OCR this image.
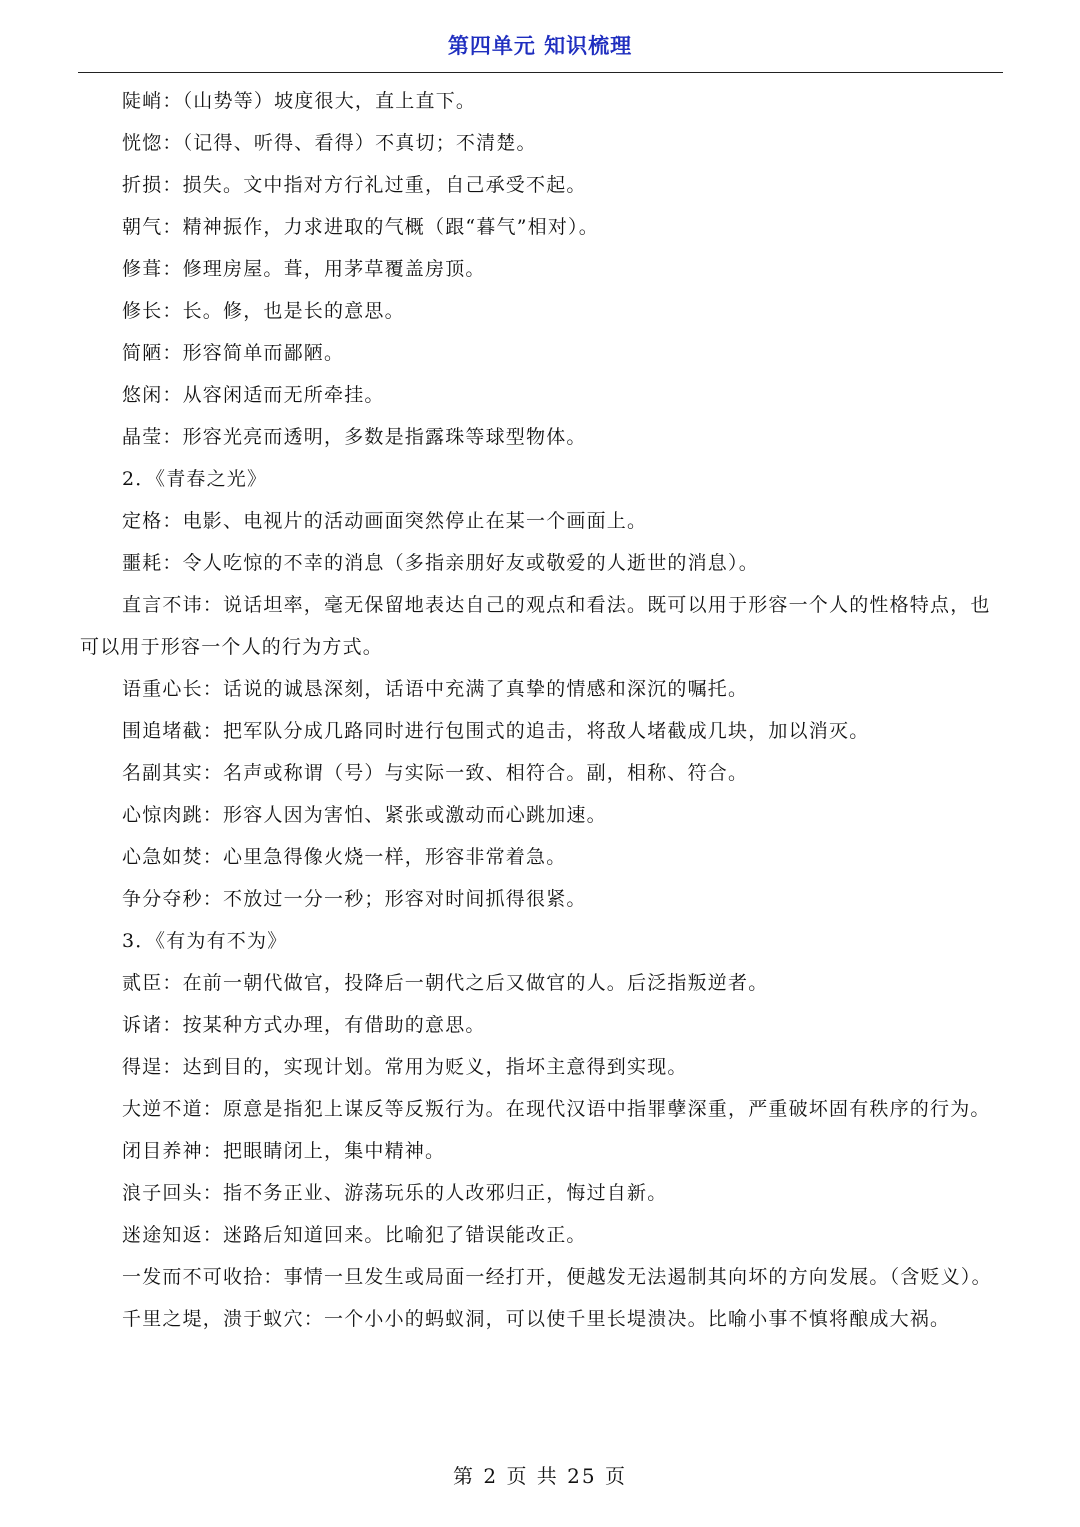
第四单元 知识梳理

陡峭：（山势等）坡度很大，直上直下。

恍惚：（记得、听得、看得）不真切；不清楚。

折损：损失。文中指对方行礼过重，自己承受不起。

朝气：精神振作，力求进取的气概（跟“暮气”相对）。

修葺：修理房屋。葺，用茅草覆盖房顶。

修长：长。修，也是长的意思。

简陋：形容简单而鄙陋。

悠闲：从容闲适而无所牵挂。

晶莹：形容光亮而透明，多数是指露珠等球型物体。

2．《青春之光》

定格：电影、电视片的活动画面突然停止在某一个画面上。

噩耗：令人吃惊的不幸的消息（多指亲朋好友或敬爱的人逝世的消息）。

直言不讳：说话坦率，毫无保留地表达自己的观点和看法。既可以用于形容一个人的性格特点，也可以用于形容一个人的行为方式。

语重心长：话说的诚恳深刻，话语中充满了真挚的情感和深沉的嘱托。

围追堵截：把军队分成几路同时进行包围式的追击，将敌人堵截成几块，加以消灭。

名副其实：名声或称谓（号）与实际一致、相符合。副，相称、符合。

心惊肉跳：形容人因为害怕、紧张或激动而心跳加速。

心急如焚：心里急得像火烧一样，形容非常着急。

争分夺秒：不放过一分一秒；形容对时间抓得很紧。

3．《有为有不为》

贰臣：在前一朝代做官，投降后一朝代之后又做官的人。后泛指叛逆者。

诉诸：按某种方式办理，有借助的意思。

得逞：达到目的，实现计划。常用为贬义，指坏主意得到实现。

大逆不道：原意是指犯上谋反等反叛行为。在现代汉语中指罪孽深重，严重破坏固有秩序的行为。

闭目养神：把眼睛闭上，集中精神。

浪子回头：指不务正业、游荡玩乐的人改邪归正，悔过自新。

迷途知返：迷路后知道回来。比喻犯了错误能改正。

一发而不可收拾：事情一旦发生或局面一经打开，便越发无法遏制其向坏的方向发展。（含贬义）。

千里之堤，溃于蚁穴：一个小小的蚂蚁洞，可以使千里长堤溃决。比喻小事不慎将酿成大祸。

第 2 页 共 25 页
